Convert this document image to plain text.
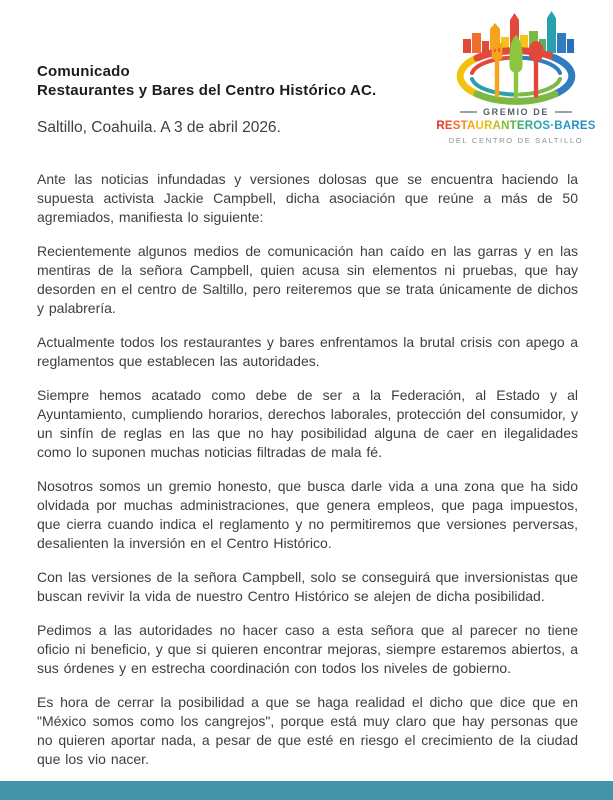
Comunicado
Restaurantes y Bares del Centro Histórico AC.
Saltillo, Coahuila. A 3 de abril 2026.
GREMIO DE
RESTAURANTEROS·BARES
DEL CENTRO DE SALTILLO

Ante las noticias infundadas y versiones dolosas que se encuentra haciendo la supuesta activista Jackie Campbell, dicha asociación que reúne a más de 50 agremiados, manifiesta lo siguiente:

Recientemente algunos medios de comunicación han caído en las garras y en las mentiras de la señora Campbell, quien acusa sin elementos ni pruebas, que hay desorden en el centro de Saltillo, pero reiteremos que se trata únicamente de dichos y palabrería.

Actualmente todos los restaurantes y bares enfrentamos la brutal crisis con apego a reglamentos que establecen las autoridades.

Siempre hemos acatado como debe de ser a la Federación, al Estado y al Ayuntamiento, cumpliendo horarios, derechos laborales, protección del consumidor, y un sinfín de reglas en las que no hay posibilidad alguna de caer en ilegalidades como lo suponen muchas noticias filtradas de mala fé.

Nosotros somos un gremio honesto, que busca darle vida a una zona que ha sido olvidada por muchas administraciones, que genera empleos, que paga impuestos, que cierra cuando indica el reglamento y no permitiremos que versiones perversas, desalienten la inversión en el Centro Histórico.

Con las versiones de la señora Campbell, solo se conseguirá que inversionistas que buscan revivir la vida de nuestro Centro Histórico se alejen de dicha posibilidad.

Pedimos a las autoridades no hacer caso a esta señora que al parecer no tiene oficio ni beneficio, y que si quieren encontrar mejoras, siempre estaremos abiertos, a sus órdenes y en estrecha coordinación con todos los niveles de gobierno.

Es hora de cerrar la posibilidad a que se haga realidad el dicho que dice que en "México somos como los cangrejos", porque está muy claro que hay personas que no quieren aportar nada, a pesar de que esté en riesgo el crecimiento de la ciudad que los vio nacer.
